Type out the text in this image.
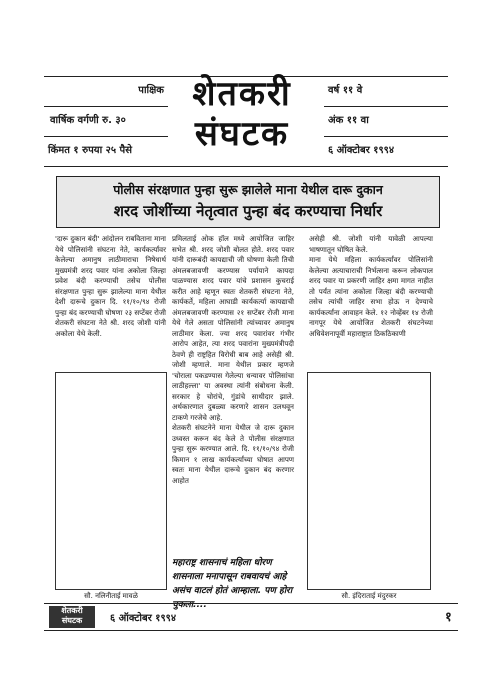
पाक्षिक
वार्षिक वर्गणी रु. ३०
किंमत १ रुपया २५ पैसे
शेतकरी
संघटक
वर्ष ११ वे
अंक ११ वा
६ ऑक्टोबर १९९४
पोलीस संरक्षणात पुन्हा सुरू झालेले माना येथील दारू दुकान
शरद जोशींच्या नेतृत्वात पुन्हा बंद करण्याचा निर्धार

'दारू दुकान बंदी' आंदोलन राबविताना माना येथे पोलिसांनी संघटना नेते, कार्यकर्त्यांवर केलेल्या अमानुष लाठीमाराचा निषेधार्थ मुख्यमंत्री शरद पवार यांना अकोला जिल्हा प्रवेश बंदी करण्याची तसेच पोलीस संरक्षणात पुन्हा सुरू झालेल्या माना येथील देशी दारूचे दुकान दि. ११/१०/९४ रोजी पुन्हा बंद करण्याची घोषणा २३ सप्टेंबर रोजी शेतकरी संघटना नेते श्री. शरद जोशी यांनी अकोला येथे केली.

प्रमिलताई ओक हॉल मध्ये आयोजित जाहिर सभेत श्री. शरद जोशी बोलत होते. शरद पवार यांनी दारूबंदी कायद्याची जी घोषणा केली तिची अंमलबजावणी करण्यास पर्यायाने कायदा पाळण्यास शरद पवार यांचे प्रशासन कुचराई करीत आहे म्हणून स्वतः शेतकरी संघटना नेते, कार्यकर्ते, महिला आघाडी कार्यकर्त्या कायद्याची अंमलबजावणी करण्यास २१ सप्टेंबर रोजी माना येथे गेले असता पोलिसांनी त्यांच्यावर अमानुष लाठीमार केला. ज्या शरद पवारांवर गंभीर आरोप आहेत, त्या शरद पवारांना मुख्यमंत्रीपदी ठेवणे ही राष्ट्रहित विरोधी बाब आहे असेही श्री. जोशी म्हणाले. माना येथील प्रकार म्हणजे 'चोराला पकडण्यास गेलेल्या धन्यावर पोलिसांचा लाठीहल्ला' या अवस्था त्यांनी संबोधना केली. सरकार हे चोरांचे, गुंडांचे साथीदार झाले. अर्थकारणात दुबळ्या करणारे शासन उलथवून टाकणे गरजेचे आहे.
शेतकरी संघटनेने माना येथील जे दारू दुकान उध्वस्त करून बंद केले ते पोलीस संरक्षणात पुन्हा सुरू करण्यात आले. दि. ११/१०/९४ रोजी किमान १ लाख कार्यकर्त्यांच्या घोषात आपण स्वतः माना येथील दारूचे दुकान बंद करणार आहोत

असेही श्री. जोशी यांनी यावेळी आपल्या भाषणातून घोषित केले.
माना येथे महिला कार्यकर्त्यांवर पोलिसांनी केलेल्या अत्याचाराची निर्भत्सना करून लोकपाल शरद पवार या प्रकरणी जाहिर क्षमा मागत नाहीत तो पर्यंत त्यांना अकोला जिल्हा बंदी करण्याची तसेच त्यांची जाहिर सभा होऊ न देण्याचे कार्यकर्त्यांना आवाहन केले. १२ नोव्हेंबर १४ रोजी नागपूर येथे आयोजित शेतकरी संघटनेच्या अधिवेशनापूर्वी महाराष्ट्रात ठिकठिकाणी

सौ. नलिनीताई मावळे	सौ. इंदिराताई मंदुरकर
महाराष्ट्र शासनाचं महिला धोरण शासनाला मनापासून राबवायचं आहे असंच वाटलं होतं आम्हाला. पण होरा चुकला....
शेतकरी
संघटक	६ ऑक्टोबर १९९४	१
